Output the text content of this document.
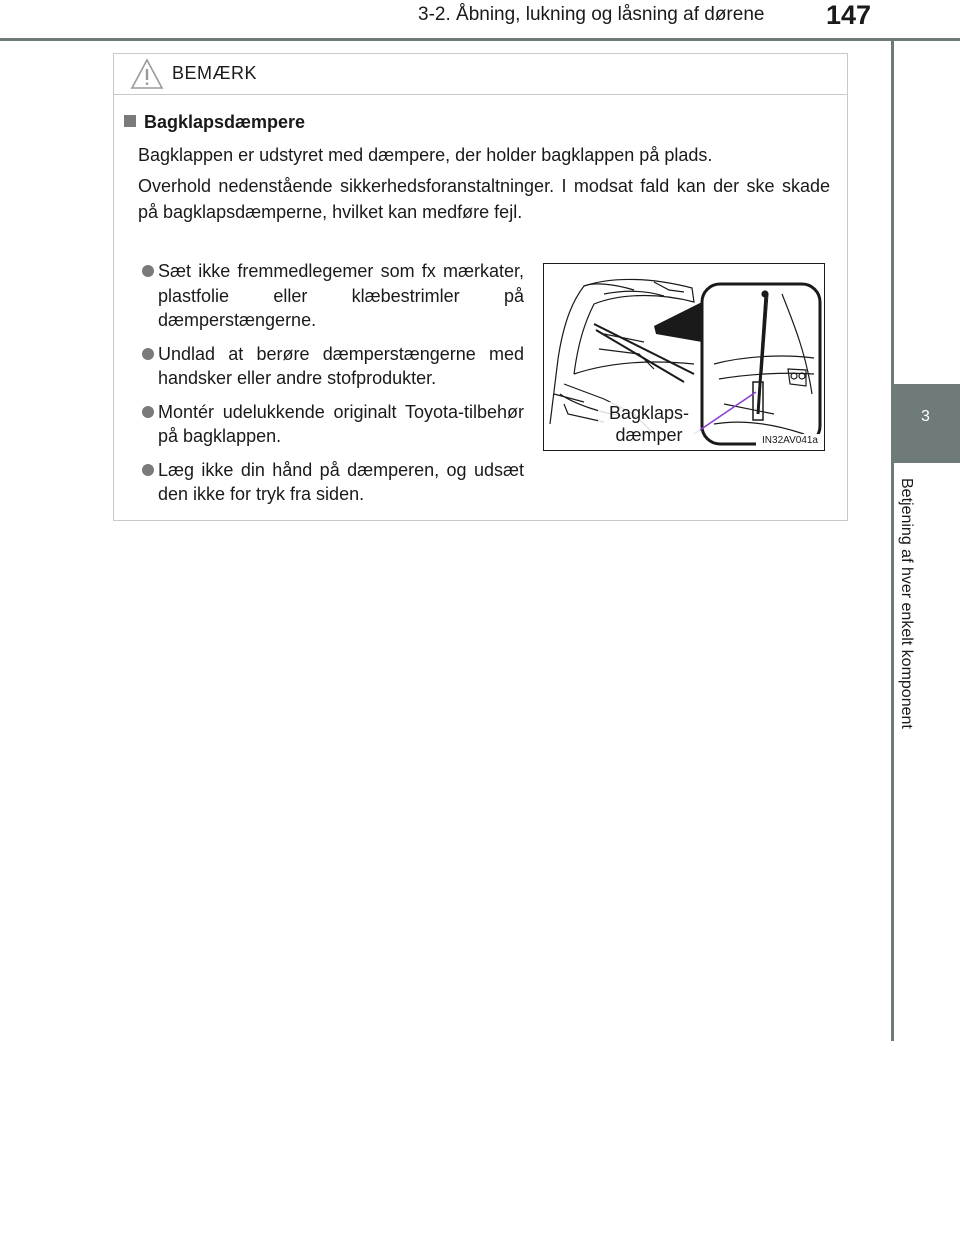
3-2. Åbning, lukning og låsning af dørene 147
3
Betjening af hver enkelt komponent
BEMÆRK
Bagklapsdæmpere
Bagklappen er udstyret med dæmpere, der holder bagklappen på plads.
Overhold nedenstående sikkerhedsforanstaltninger. I modsat fald kan der ske skade på bagklapsdæmperne, hvilket kan medføre fejl.
Sæt ikke fremmedlegemer som fx mærkater, plastfolie eller klæbestrimler på dæmperstængerne.
Undlad at berøre dæmperstængerne med handsker eller andre stofprodukter.
Montér udelukkende originalt Toyota-tilbehør på bagklappen.
Læg ikke din hånd på dæmperen, og udsæt den ikke for tryk fra siden.
Bagklaps-
dæmper	IN32AV041a
